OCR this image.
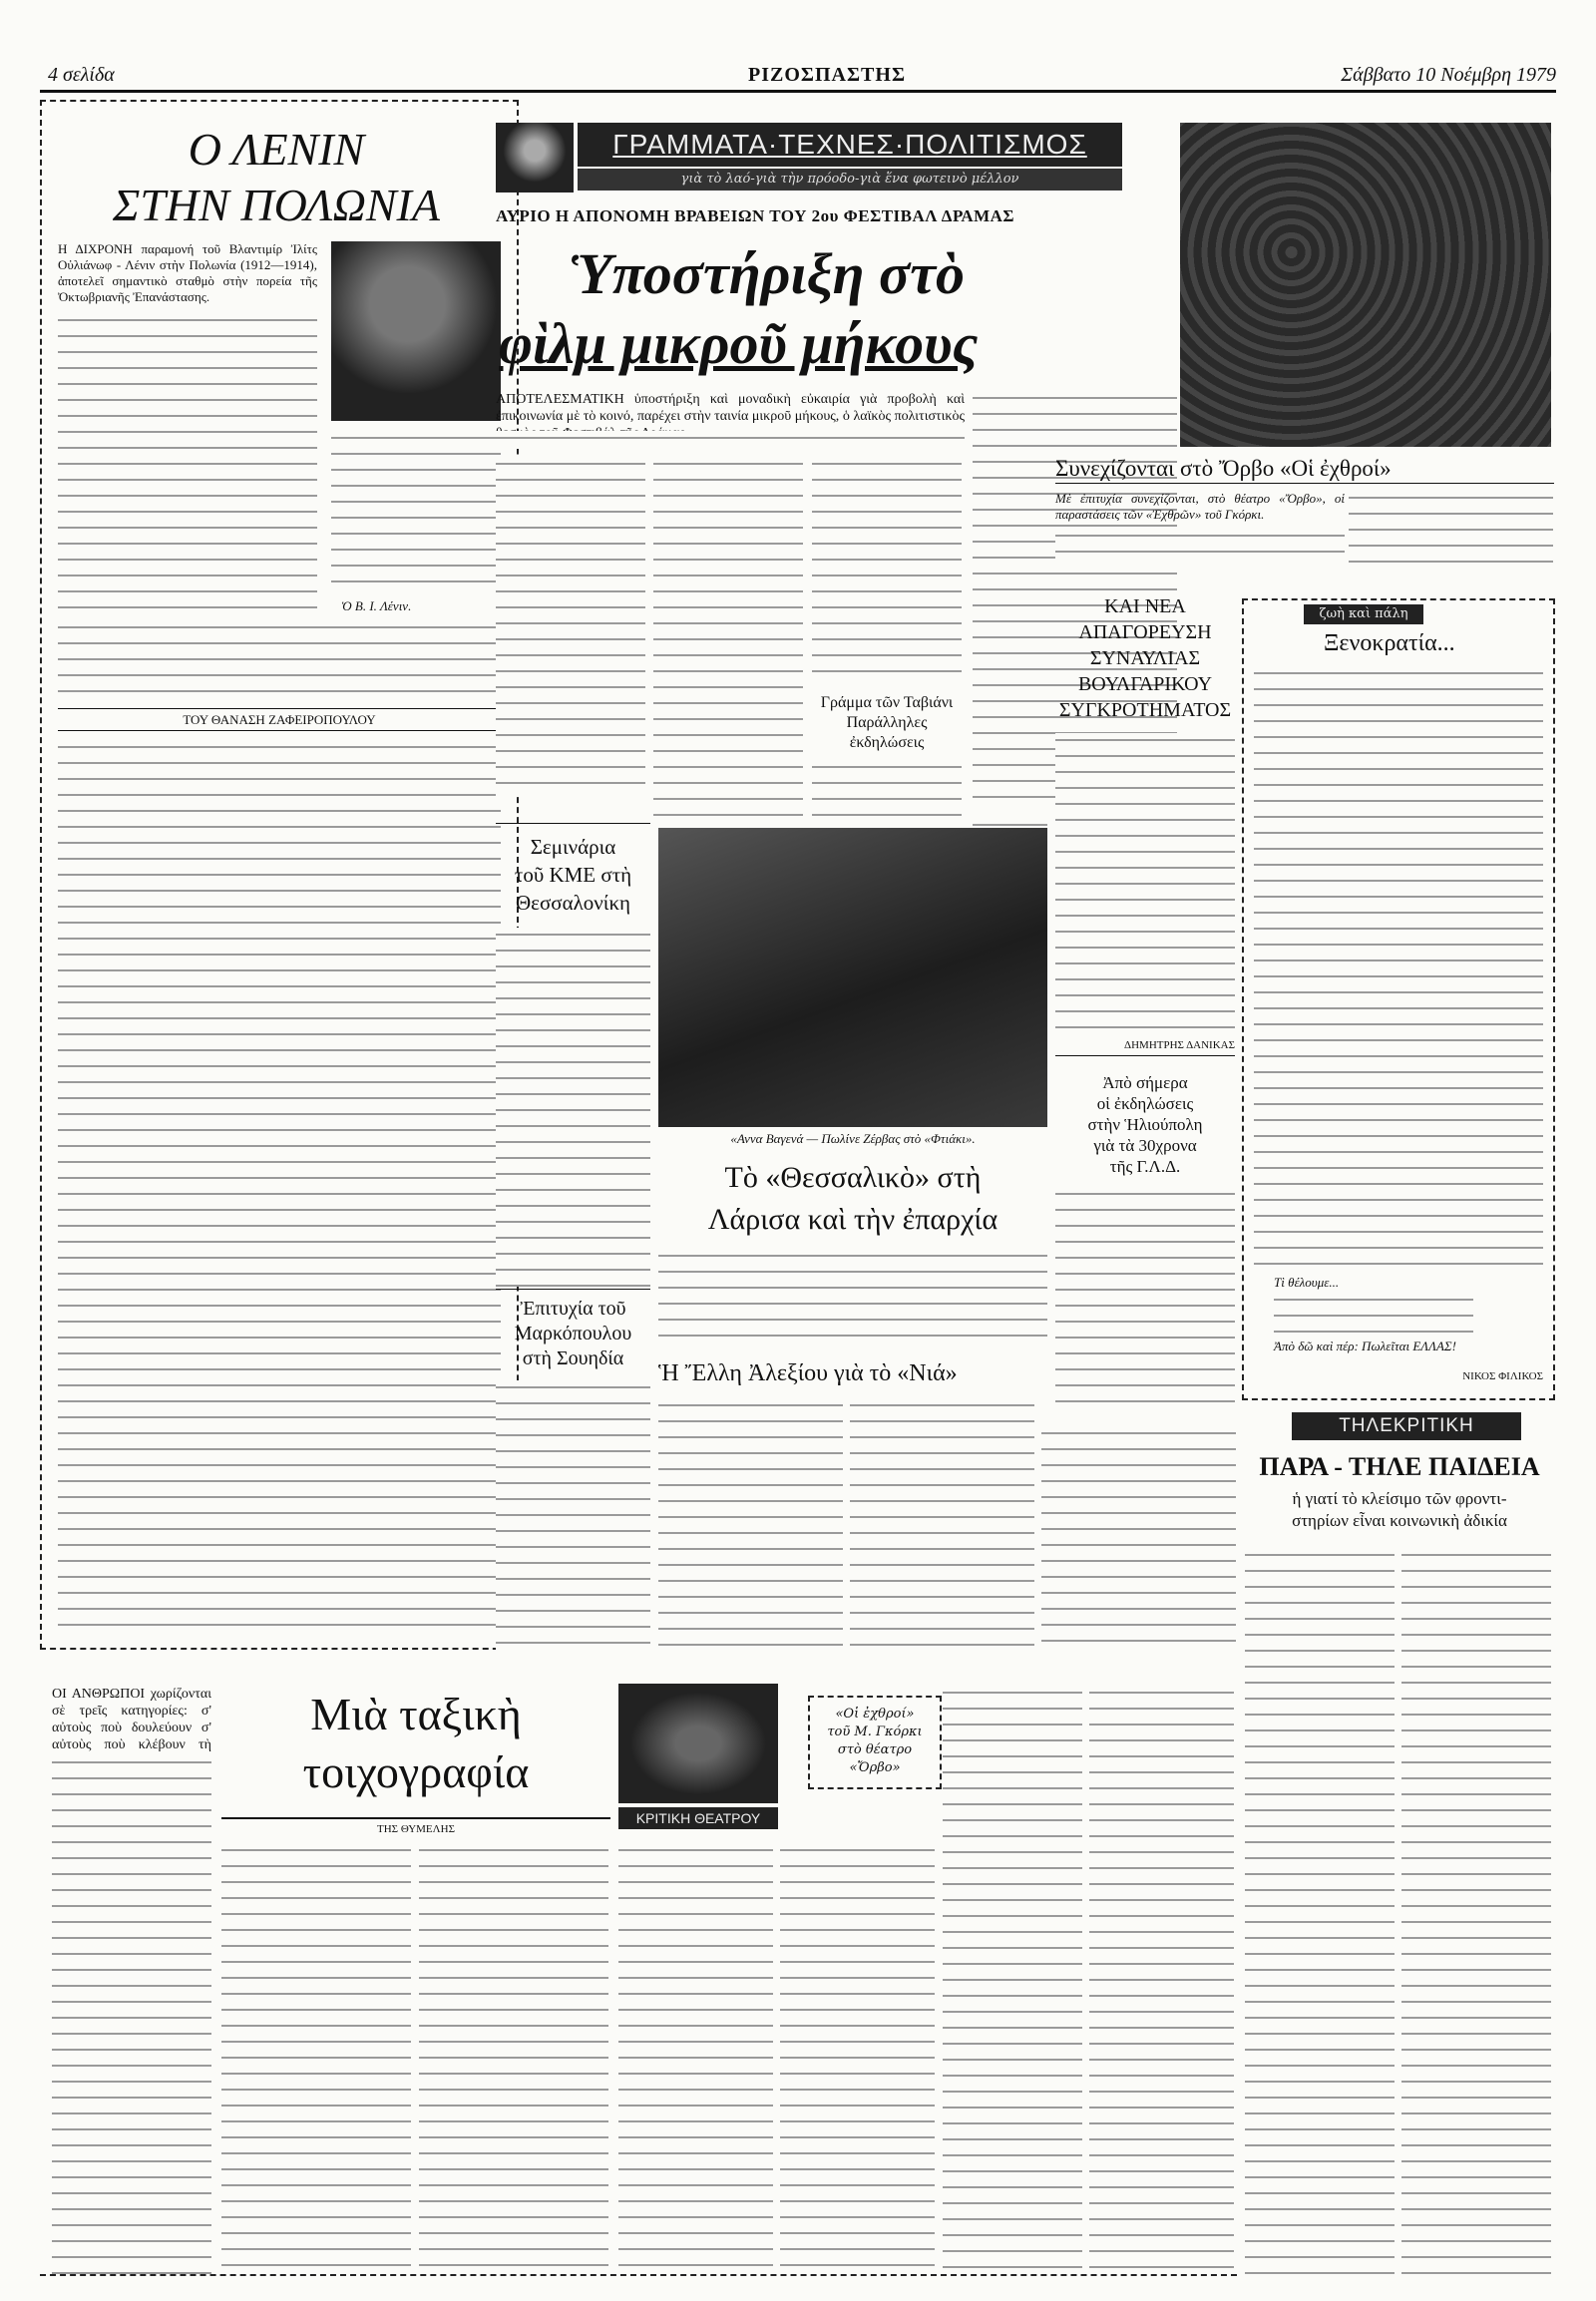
4 σελίδα	ΡΙΖΟΣΠΑΣΤΗΣ	Σάββατο 10 Νοέμβρη 1979
Ο ΛΕΝΙΝ
ΣΤΗΝ ΠΟΛΩΝΙΑ
Η ΔΙΧΡΟΝΗ παραμονή τοῦ Βλαντιμίρ Ἰλίτς Οὐλιάνωφ - Λένιν στὴν Πολωνία (1912—1914), ἀποτελεῖ σημαντικὸ σταθμὸ στὴν πορεία τῆς Ὀκτωβριανῆς Ἐπανάστασης.
Ὁ Β. Ι. Λένιν.
ΤΟΥ ΘΑΝΑΣΗ ΖΑΦΕΙΡΟΠΟΥΛΟΥ
ΓΡΑΜΜΑΤΑ·ΤΕΧΝΕΣ·ΠΟΛΙΤΙΣΜΟΣ
γιὰ τὸ λαό-γιὰ τὴν πρόοδο-γιὰ ἕνα φωτεινὸ μέλλον
ΑΥΡΙΟ Η ΑΠΟΝΟΜΗ ΒΡΑΒΕΙΩΝ ΤΟΥ 2ου ΦΕΣΤΙΒΑΛ ΔΡΑΜΑΣ
Ὑποστήριξη στὸ
φὶλμ μικροῦ μήκους
ΑΠΟΤΕΛΕΣΜΑΤΙΚΗ ὑποστήριξη καὶ μοναδικὴ εὐκαιρία γιὰ προβολὴ καὶ ἐπικοινωνία μὲ τὸ κοινό, παρέχει στὴν ταινία μικροῦ μήκους, ὁ λαϊκὸς πολιτιστικὸς
Γράμμα τῶν Ταβιάνι
Παράλληλες
ἐκδηλώσεις
Συνεχίζονται στὸ Ὄρβο «Οἱ ἐχθροί»
Μὲ ἐπιτυχία συνεχίζονται, στὸ θέατρο «Ὄρβο», οἱ παραστάσεις τῶν «Ἐχθρῶν» τοῦ Γκόρκι.
ΚΑΙ ΝΕΑ
ΑΠΑΓΟΡΕΥΣΗ
ΣΥΝΑΥΛΙΑΣ
ΒΟΥΛΓΑΡΙΚΟΥ
ΣΥΓΚΡΟΤΗΜΑΤΟΣ
ΔΗΜΗΤΡΗΣ ΔΑΝΙΚΑΣ
Ἀπὸ σήμερα
οἱ ἐκδηλώσεις
στὴν Ἡλιούπολη
γιὰ τὰ 30χρονα
τῆς Γ.Λ.Δ.
ζωὴ καὶ πάλη
Ξενοκρατία...
Τὶ θέλουμε...
Ἀπὸ δῶ καὶ πέρ: Πωλεῖται ΕΛΛΑΣ!
ΝΙΚΟΣ ΦΙΛΙΚΟΣ
Σεμινάρια
τοῦ ΚΜΕ στὴ
Θεσσαλονίκη
Ἐπιτυχία τοῦ
Μαρκόπουλου
στὴ Σουηδία
«Αννα Βαγενά — Πωλίνε Ζέρβας στὸ «Φτιάκι».
Τὸ «Θεσσαλικὸ» στὴ
Λάρισα καὶ τὴν ἐπαρχία
Ἡ Ἔλλη Ἀλεξίου γιὰ τὸ «Νιά»
ΤΗΛΕΚΡΙΤΙΚΗ
ΠΑΡΑ - ΤΗΛΕ ΠΑΙΔΕΙΑ
ἡ γιατί τὸ κλείσιμο τῶν φροντι-
στηρίων εἶναι κοινωνικὴ ἀδικία
ΟΙ ΑΝΘΡΩΠΟΙ χωρίζονται σὲ τρεῖς κατηγορίες: σ' αὐτοὺς ποὺ δουλεύουν σ' αὐτοὺς ποὺ κλέβουν τὴ
Μιὰ ταξικὴ
τοιχογραφία
ΤΗΣ ΘΥΜΕΛΗΣ
ΚΡΙΤΙΚΗ ΘΕΑΤΡΟΥ
«Οἱ ἐχθροί»
τοῦ Μ. Γκόρκι
στὸ θέατρο
«Ὄρβο»
